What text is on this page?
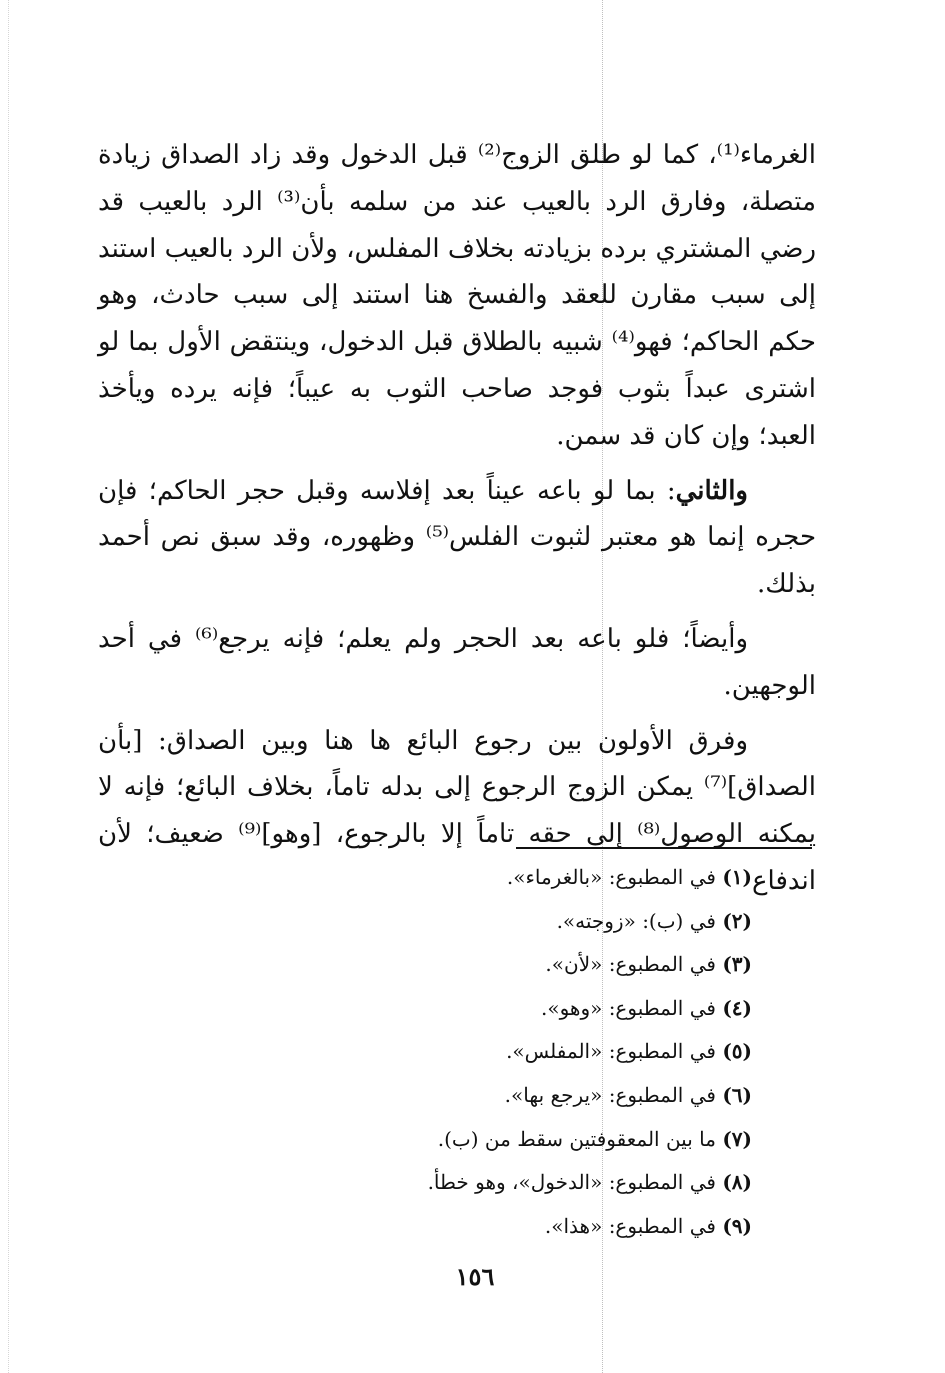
الغرماء⁽¹⁾، كما لو طلق الزوج⁽²⁾ قبل الدخول وقد زاد الصداق زيادة متصلة، وفارق الرد بالعيب عند من سلمه بأن⁽³⁾ الرد بالعيب قد رضي المشتري برده بزيادته بخلاف المفلس، ولأن الرد بالعيب استند إلى سبب مقارن للعقد والفسخ هنا استند إلى سبب حادث، وهو حكم الحاكم؛ فهو⁽⁴⁾ شبيه بالطلاق قبل الدخول، وينتقض الأول بما لو اشترى عبداً بثوب فوجد صاحب الثوب به عيباً؛ فإنه يرده ويأخذ العبد؛ وإن كان قد سمن.

والثاني: بما لو باعه عيناً بعد إفلاسه وقبل حجر الحاكم؛ فإن حجره إنما هو معتبر لثبوت الفلس⁽⁵⁾ وظهوره، وقد سبق نص أحمد بذلك.

وأيضاً؛ فلو باعه بعد الحجر ولم يعلم؛ فإنه يرجع⁽⁶⁾ في أحد الوجهين.

وفرق الأولون بين رجوع البائع ها هنا وبين الصداق: [بأن الصداق]⁽⁷⁾ يمكن الزوج الرجوع إلى بدله تاماً، بخلاف البائع؛ فإنه لا يمكنه الوصول⁽⁸⁾ إلى حقه تاماً إلا بالرجوع، [وهو]⁽⁹⁾ ضعيف؛ لأن اندفاع

(١) في المطبوع: «بالغرماء».
(٢) في (ب): «زوجته».
(٣) في المطبوع: «لأن».
(٤) في المطبوع: «وهو».
(٥) في المطبوع: «المفلس».
(٦) في المطبوع: «يرجع بها».
(٧) ما بين المعقوفتين سقط من (ب).
(٨) في المطبوع: «الدخول»، وهو خطأ.
(٩) في المطبوع: «هذا».
١٥٦
